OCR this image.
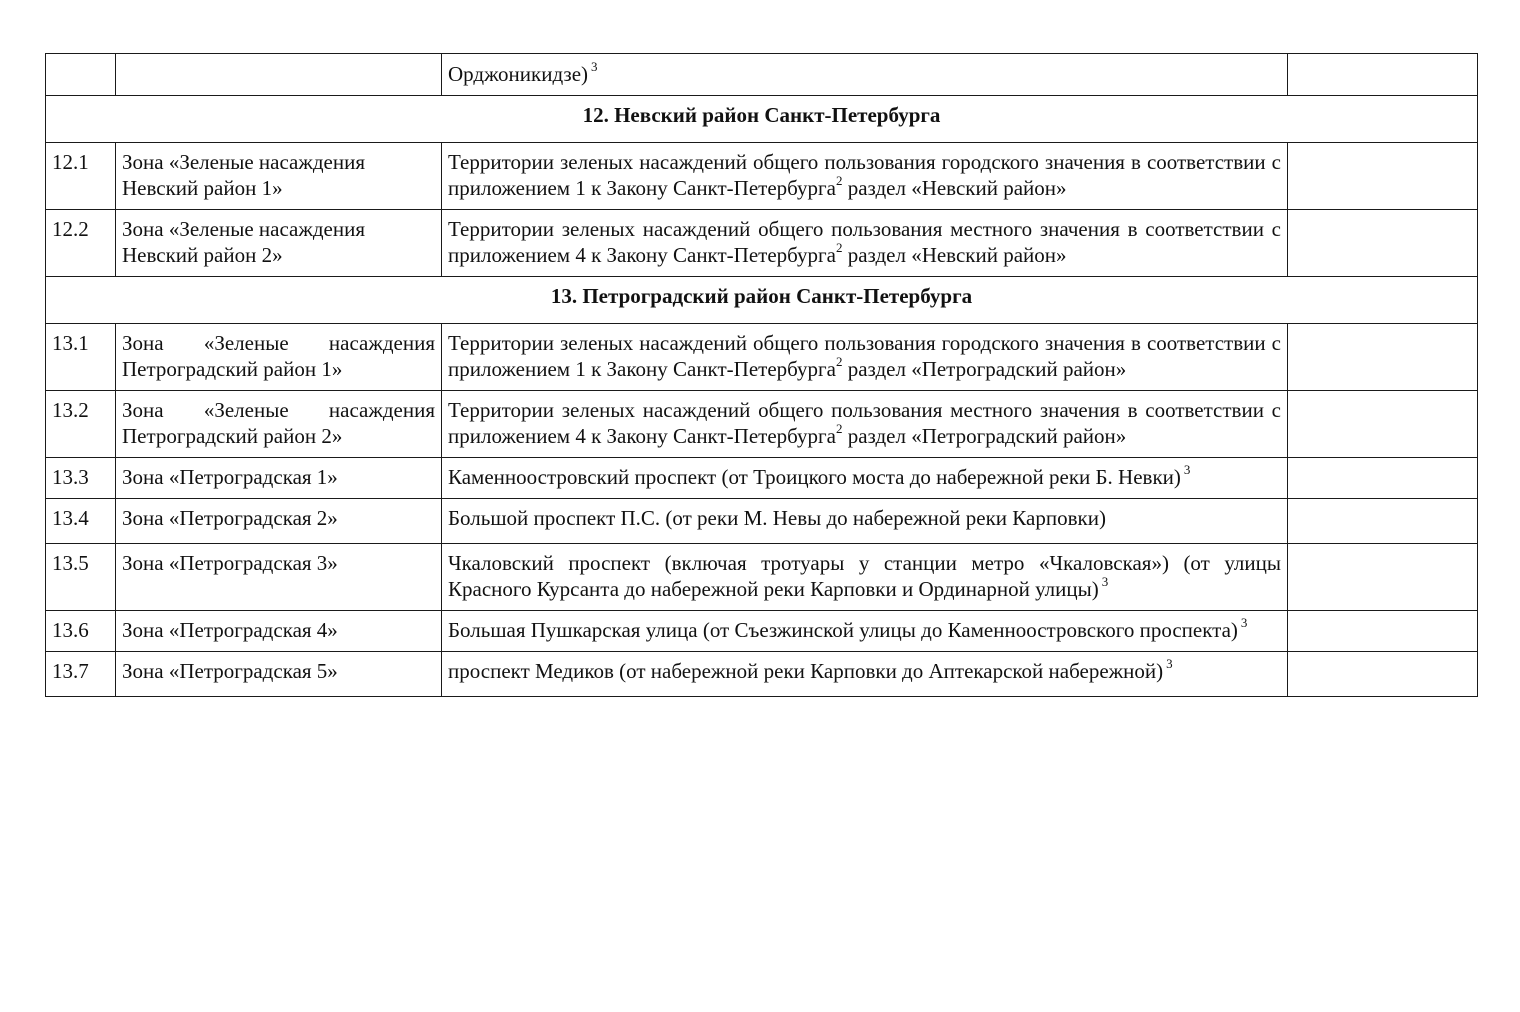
		Орджоникидзе) $^3$	
12. Невский район Санкт-Петербурга			
12.1	Зона «Зеленые насаждения Невский район 1»	Территории зеленых насаждений общего пользования городского значения в соответствии с приложением 1 к Закону Санкт-Петербурга$^2$ раздел «Невский район»	
12.2	Зона «Зеленые насаждения Невский район 2»	Территории зеленых насаждений общего пользования местного значения в соответствии с приложением 4 к Закону Санкт-Петербурга$^2$ раздел «Невский район»	
13. Петроградский район Санкт-Петербурга			
13.1	Зона «Зеленые насаждения Петроградский район 1»	Территории зеленых насаждений общего пользования городского значения в соответствии с приложением 1 к Закону Санкт-Петербурга$^2$ раздел «Петроградский район»	
13.2	Зона «Зеленые насаждения Петроградский район 2»	Территории зеленых насаждений общего пользования местного значения в соответствии с приложением 4 к Закону Санкт-Петербурга$^2$ раздел «Петроградский район»	
13.3	Зона «Петроградская 1»	Каменноостровский проспект (от Троицкого моста до набережной реки Б. Невки) $^3$	
13.4	Зона «Петроградская 2»	Большой проспект П.С. (от реки М. Невы до набережной реки Карповки)	
13.5	Зона «Петроградская 3»	Чкаловский проспект (включая тротуары у станции метро «Чкаловская») (от улицы Красного Курсанта до набережной реки Карповки и Ординарной улицы) $^3$	
13.6	Зона «Петроградская 4»	Большая Пушкарская улица (от Съезжинской улицы до Каменноостровского проспекта) $^3$	
13.7	Зона «Петроградская 5»	проспект Медиков (от набережной реки Карповки до Аптекарской набережной) $^3$	
